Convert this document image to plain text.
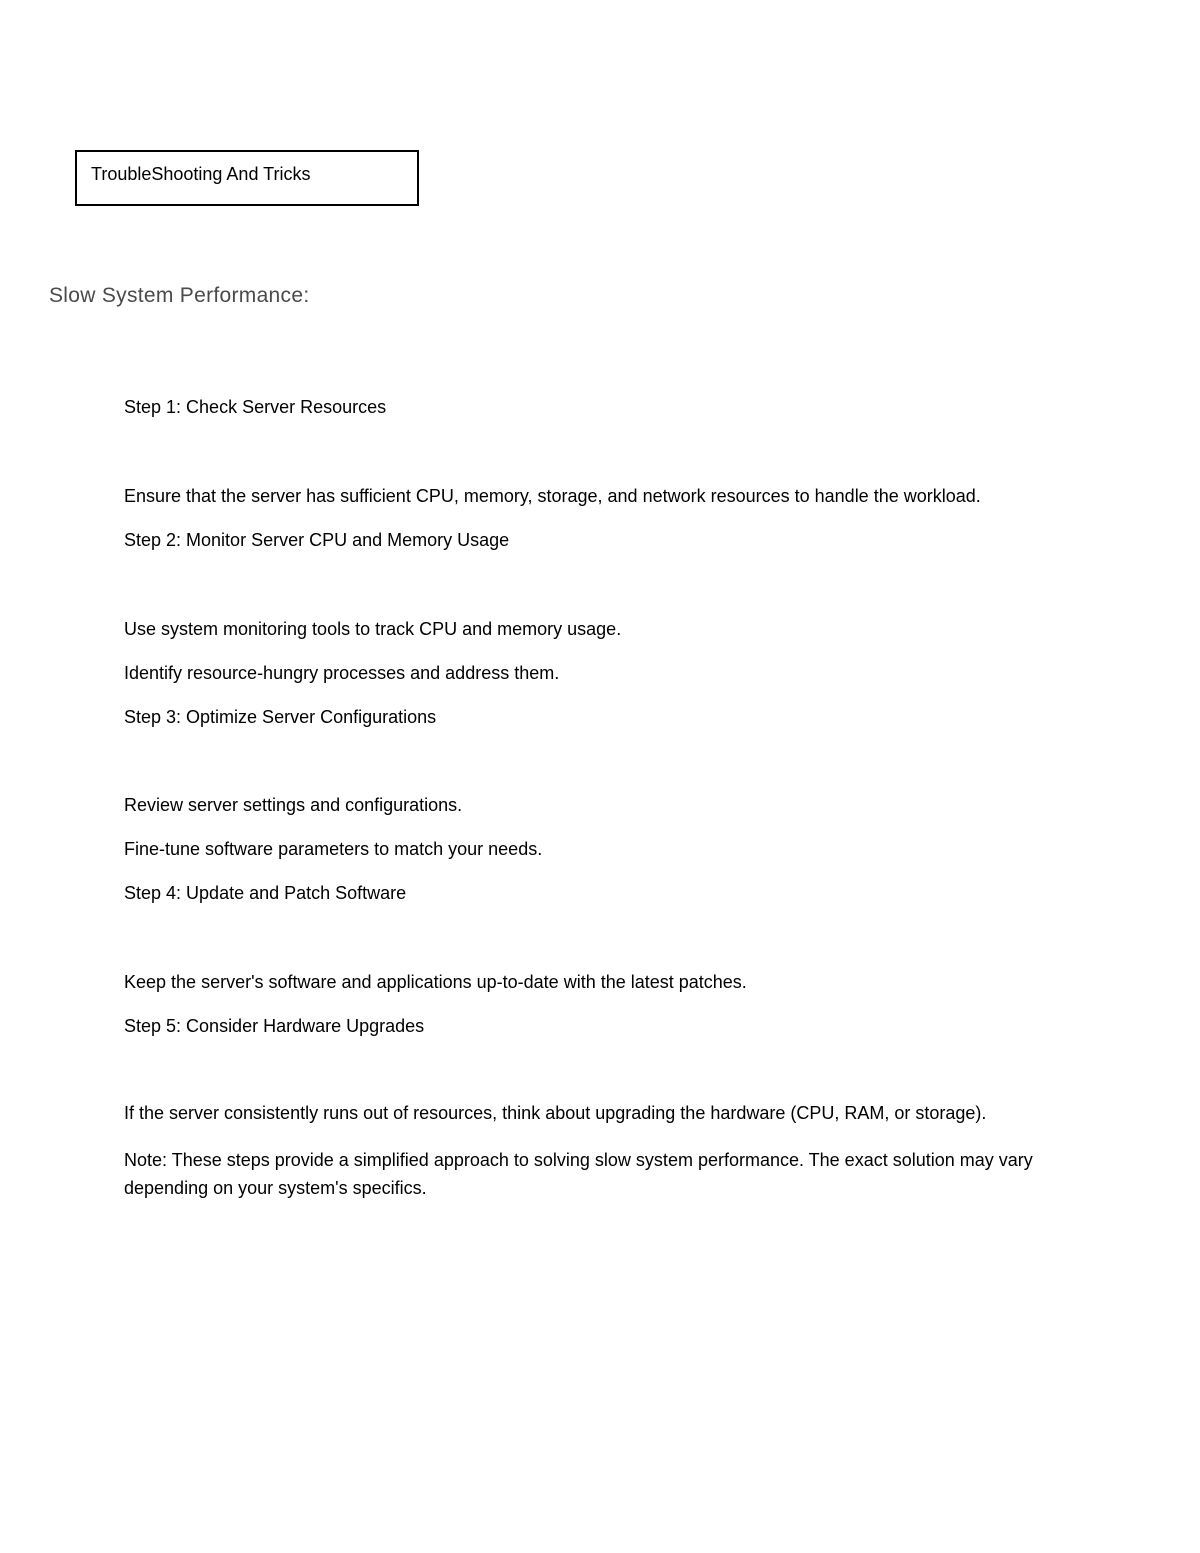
TroubleShooting And Tricks
Slow System Performance:
Step 1: Check Server Resources
Ensure that the server has sufficient CPU, memory, storage, and network resources to handle the workload.
Step 2: Monitor Server CPU and Memory Usage
Use system monitoring tools to track CPU and memory usage.
Identify resource-hungry processes and address them.
Step 3: Optimize Server Configurations
Review server settings and configurations.
Fine-tune software parameters to match your needs.
Step 4: Update and Patch Software
Keep the server's software and applications up-to-date with the latest patches.
Step 5: Consider Hardware Upgrades
If the server consistently runs out of resources, think about upgrading the hardware (CPU, RAM, or storage).
Note: These steps provide a simplified approach to solving slow system performance. The exact solution may vary depending on your system's specifics.
